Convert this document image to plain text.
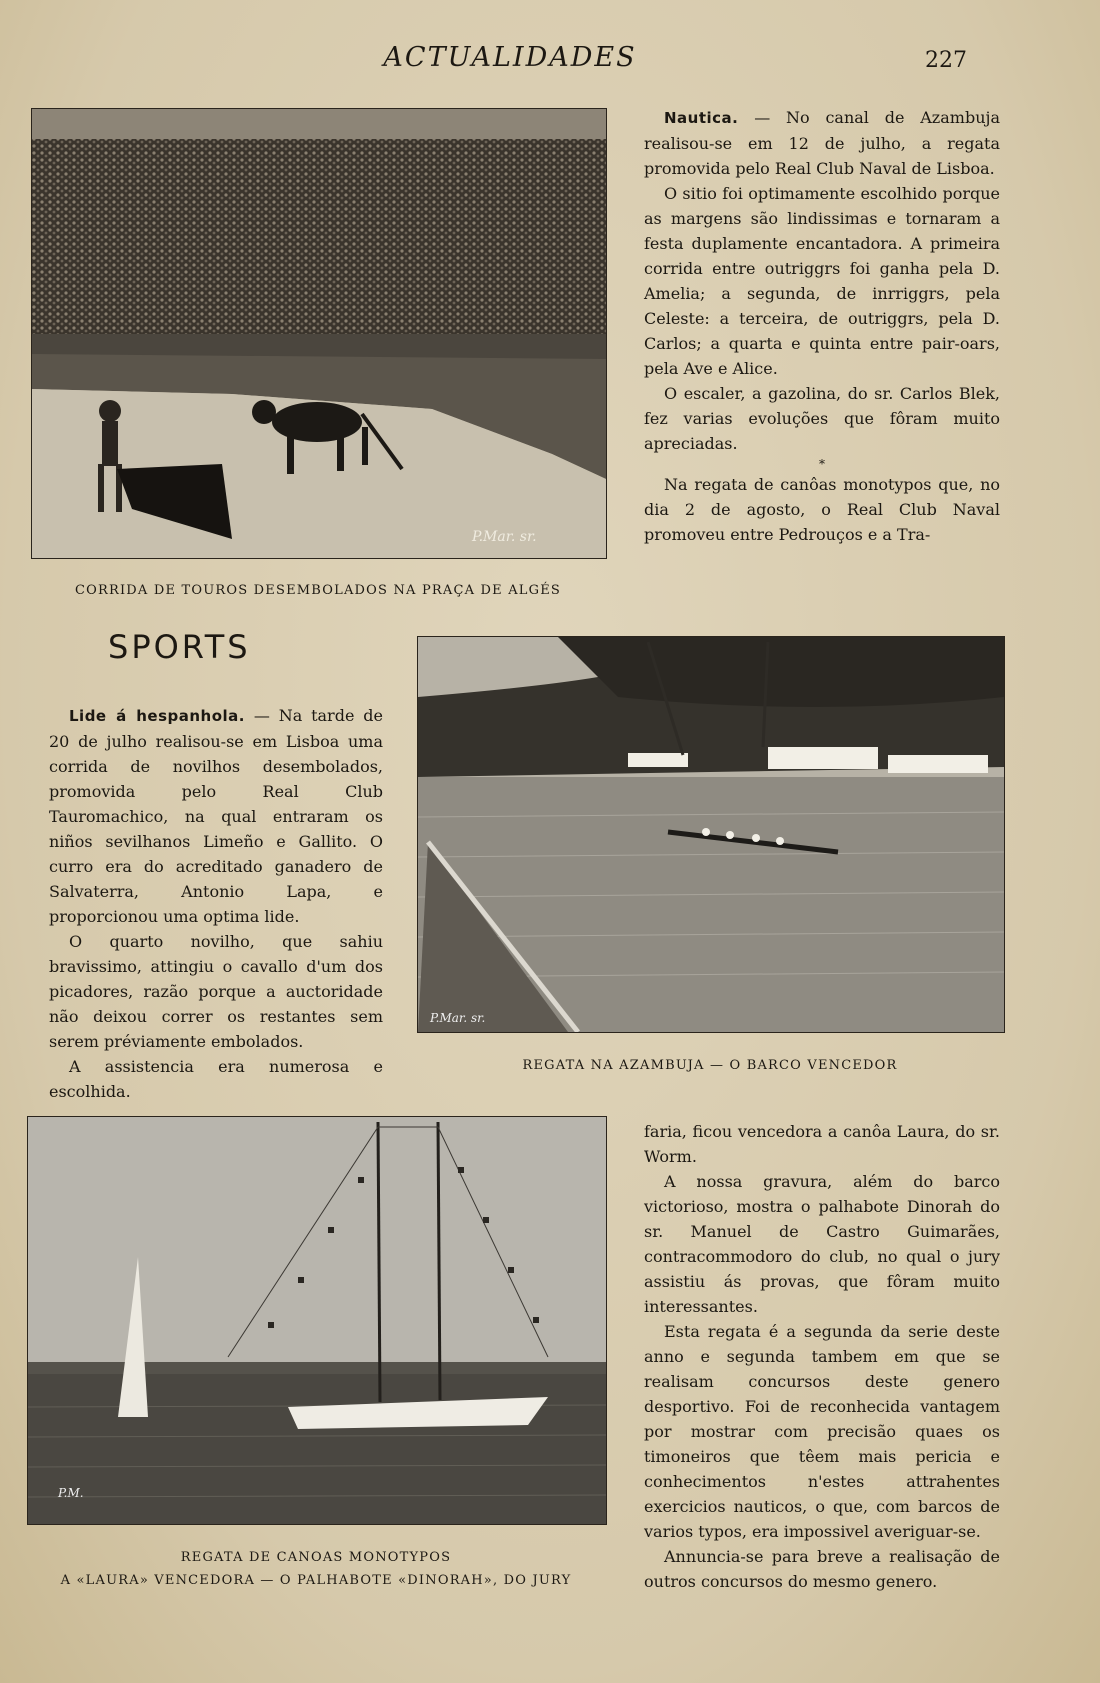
ACTUALIDADES	227
P.Mar. sr.
CORRIDA DE TOUROS DESEMBOLADOS NA PRAÇA DE ALGÉS

Nautica. — No canal de Azambuja realisou-se em 12 de julho, a regata promovida pelo Real Club Naval de Lisboa.

O sitio foi optimamente escolhido porque as margens são lindissimas e tornaram a festa duplamente encantadora. A primeira corrida entre outriggrs foi ganha pela D. Amelia; a segunda, de inrriggrs, pela Celeste: a terceira, de outriggrs, pela D. Carlos; a quarta e quinta entre pair-oars, pela Ave e Alice.

O escaler, a gazolina, do sr. Carlos Blek, fez varias evoluções que fôram muito apreciadas.

*

Na regata de canôas monotypos que, no dia 2 de agosto, o Real Club Naval promoveu entre Pedrouços e a Tra-

SPORTS

Lide á hespanhola. — Na tarde de 20 de julho realisou-se em Lisboa uma corrida de novilhos desembolados, promovida pelo Real Club Tauromachico, na qual entraram os niños sevilhanos Limeño e Gallito. O curro era do acreditado ganadero de Salvaterra, Antonio Lapa, e proporcionou uma optima lide.

O quarto novilho, que sahiu bravissimo, attingiu o cavallo d'um dos picadores, razão porque a auctoridade não deixou correr os restantes sem serem préviamente embolados.

A assistencia era numerosa e escolhida.

P.Mar. sr.
REGATA NA AZAMBUJA — O BARCO VENCEDOR
P.M.
REGATA DE CANOAS MONOTYPOS
A «LAURA» VENCEDORA — O PALHABOTE «DINORAH», DO JURY

faria, ficou vencedora a canôa Laura, do sr. Worm.

A nossa gravura, além do barco victorioso, mostra o palhabote Dinorah do sr. Manuel de Castro Guimarães, contracommodoro do club, no qual o jury assistiu ás provas, que fôram muito interessantes.

Esta regata é a segunda da serie deste anno e segunda tambem em que se realisam concursos deste genero desportivo. Foi de reconhecida vantagem por mostrar com precisão quaes os timoneiros que têem mais pericia e conhecimentos n'estes attrahentes exercicios nauticos, o que, com barcos de varios typos, era impossivel averiguar-se.

Annuncia-se para breve a realisação de outros concursos do mesmo genero.
